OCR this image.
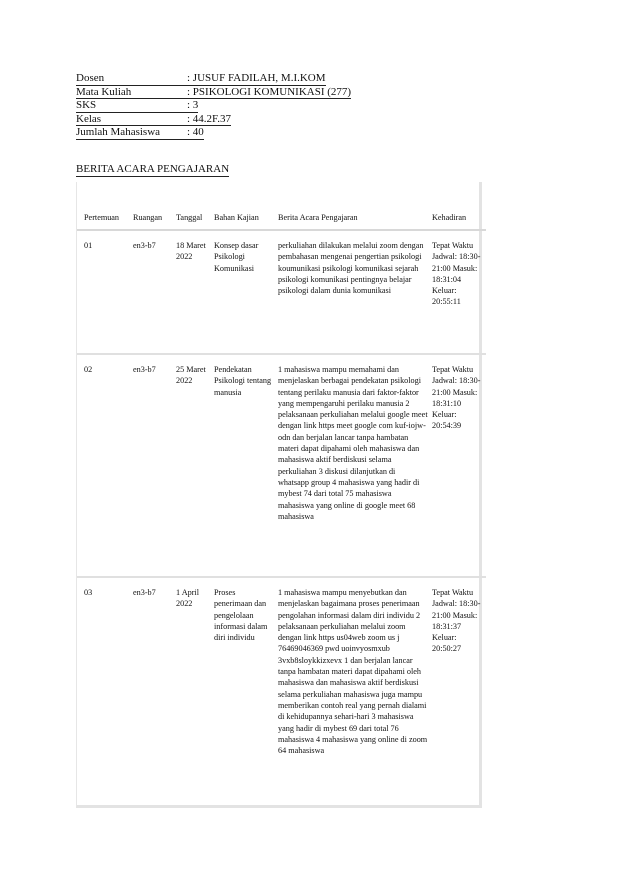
Dosen	: JUSUF FADILAH, M.I.KOM
Mata Kuliah	: PSIKOLOGI KOMUNIKASI (277)
SKS	: 3
Kelas	: 44.2F.37
Jumlah Mahasiswa	: 40
BERITA ACARA PENGAJARAN
Pertemuan	Ruangan	Tanggal	Bahan Kajian	Berita Acara Pengajaran	Kehadiran
01	en3-b7	18 Maret 2022	Konsep dasar Psikologi Komunikasi	perkuliahan dilakukan melalui zoom dengan pembahasan mengenai pengertian psikologi koumunikasi psikologi komunikasi sejarah psikologi komunikasi pentingnya belajar psikologi dalam dunia komunikasi	Tepat Waktu Jadwal: 18:30-21:00 Masuk: 18:31:04 Keluar: 20:55:11

02	en3-b7	25 Maret 2022	Pendekatan Psikologi tentang manusia	1 mahasiswa mampu memahami dan menjelaskan berbagai pendekatan psikologi tentang perilaku manusia dari faktor-faktor yang mempengaruhi perilaku manusia 2 pelaksanaan perkuliahan melalui google meet dengan link https meet google com kuf-iojw-odn dan berjalan lancar tanpa hambatan materi dapat dipahami oleh mahasiswa dan mahasiswa aktif berdiskusi selama perkuliahan 3 diskusi dilanjutkan di whatsapp group 4 mahasiswa yang hadir di mybest 74 dari total 75 mahasiswa mahasiswa yang online di google meet 68 mahasiswa	Tepat Waktu Jadwal: 18:30-21:00 Masuk: 18:31:10 Keluar: 20:54:39

03	en3-b7	1 April 2022	Proses penerimaan dan pengelolaan informasi dalam diri individu	1 mahasiswa mampu menyebutkan dan menjelaskan bagaimana proses penerimaan pengolahan informasi dalam diri individu 2 pelaksanaan perkuliahan melalui zoom dengan link https us04web zoom us j 76469046369 pwd uoinvyosmxub 3vxb8sloykkizxevx 1 dan berjalan lancar tanpa hambatan materi dapat dipahami oleh mahasiswa dan mahasiswa aktif berdiskusi selama perkuliahan mahasiswa juga mampu memberikan contoh real yang pernah dialami di kehidupannya sehari-hari 3 mahasiswa yang hadir di mybest 69 dari total 76 mahasiswa 4 mahasiswa yang online di zoom 64 mahasiswa	Tepat Waktu Jadwal: 18:30-21:00 Masuk: 18:31:37 Keluar: 20:50:27
